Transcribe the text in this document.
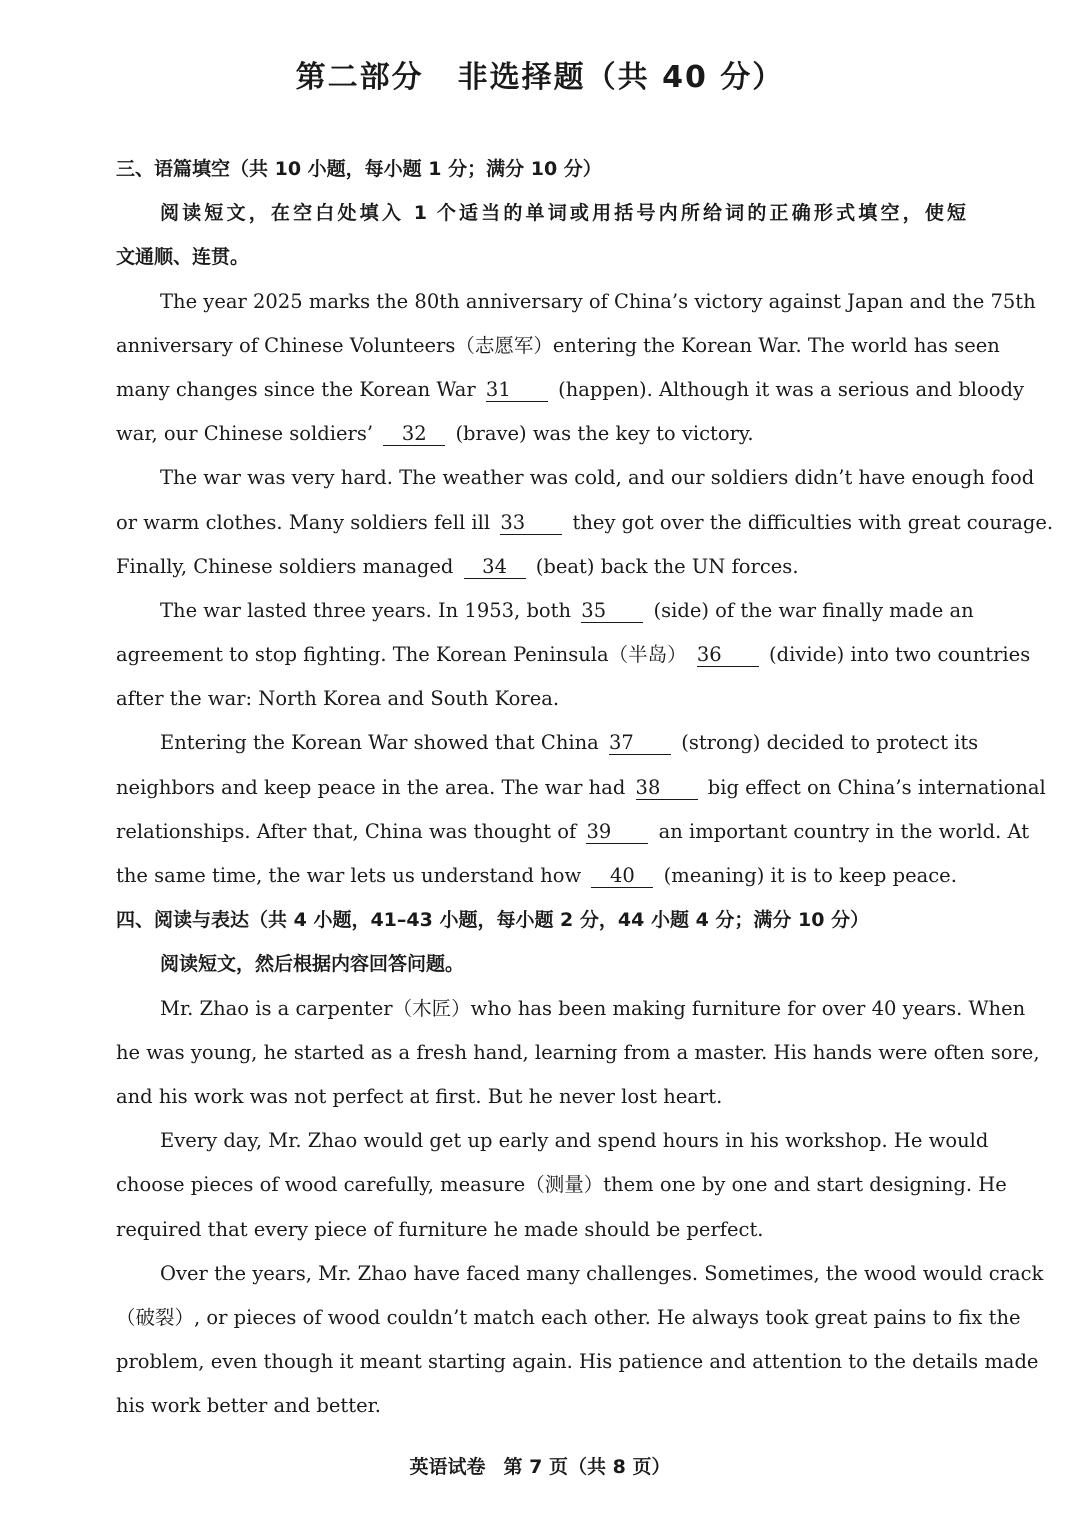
第二部分 非选择题（共 40 分）
三、语篇填空（共 10 小题，每小题 1 分；满分 10 分）
阅读短文，在空白处填入 1 个适当的单词或用括号内所给词的正确形式填空，使短
文通顺、连贯。
The year 2025 marks the 80th anniversary of China’s victory against Japan and the 75th
anniversary of Chinese Volunteers（志愿军）entering the Korean War. The world has seen
many changes since the Korean War 31 (happen). Although it was a serious and bloody
war, our Chinese soldiers’ 32 (brave) was the key to victory.
The war was very hard. The weather was cold, and our soldiers didn’t have enough food
or warm clothes. Many soldiers fell ill 33 they got over the difficulties with great courage.
Finally, Chinese soldiers managed 34 (beat) back the UN forces.
The war lasted three years. In 1953, both 35 (side) of the war finally made an
agreement to stop fighting. The Korean Peninsula（半岛） 36 (divide) into two countries
after the war: North Korea and South Korea.
Entering the Korean War showed that China 37 (strong) decided to protect its
neighbors and keep peace in the area. The war had 38 big effect on China’s international
relationships. After that, China was thought of 39 an important country in the world. At
the same time, the war lets us understand how 40 (meaning) it is to keep peace.
四、阅读与表达（共 4 小题，41–43 小题，每小题 2 分，44 小题 4 分；满分 10 分）
阅读短文，然后根据内容回答问题。
Mr. Zhao is a carpenter（木匠）who has been making furniture for over 40 years. When
he was young, he started as a fresh hand, learning from a master. His hands were often sore,
and his work was not perfect at first. But he never lost heart.
Every day, Mr. Zhao would get up early and spend hours in his workshop. He would
choose pieces of wood carefully, measure（测量）them one by one and start designing. He
required that every piece of furniture he made should be perfect.
Over the years, Mr. Zhao have faced many challenges. Sometimes, the wood would crack
（破裂）, or pieces of wood couldn’t match each other. He always took great pains to fix the
problem, even though it meant starting again. His patience and attention to the details made
his work better and better.
英语试卷 第 7 页（共 8 页）
